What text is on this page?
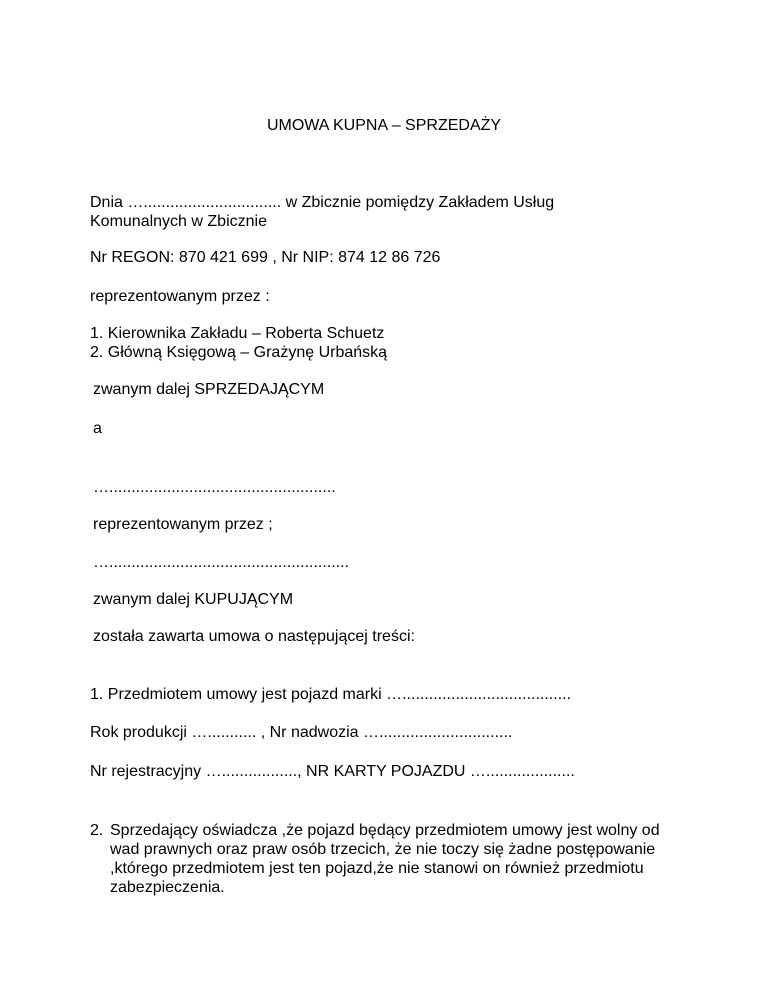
UMOWA KUPNA – SPRZEDAŻY
Dnia …............................... w Zbicznie pomiędzy Zakładem Usług
Komunalnych w Zbicznie
Nr REGON: 870 421 699 , Nr NIP: 874 12 86 726
reprezentowanym przez :
1. Kierownika Zakładu – Roberta Schuetz
2. Główną Księgową – Grażynę Urbańską
zwanym dalej SPRZEDAJĄCYM
a
…...................................................
reprezentowanym przez ;
…......................................................
zwanym dalej KUPUJĄCYM
została zawarta umowa o następującej treści:
1. Przedmiotem umowy jest pojazd marki …......................................
Rok produkcji …........... , Nr nadwozia …..............................
Nr rejestracyjny …................., NR KARTY POJAZDU …....................
2. Sprzedający oświadcza ,że pojazd będący przedmiotem umowy jest wolny od wad prawnych oraz praw osób trzecich, że nie toczy się żadne postępowanie ,którego przedmiotem jest ten pojazd,że nie stanowi on również przedmiotu zabezpieczenia.
